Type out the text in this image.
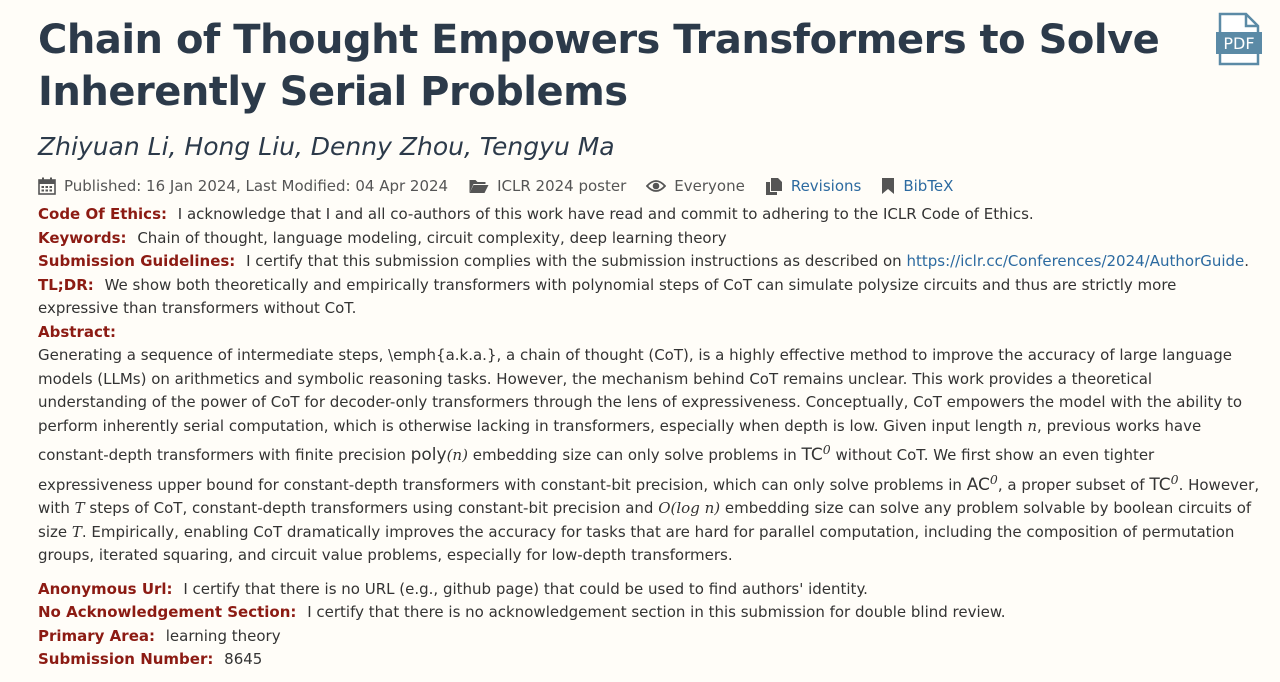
PDF
Chain of Thought Empowers Transformers to Solve Inherently Serial Problems
Zhiyuan Li, Hong Liu, Denny Zhou, Tengyu Ma
Published: 16 Jan 2024, Last Modified: 04 Apr 2024	ICLR 2024 poster	Everyone	Revisions	BibTeX
Code Of Ethics: I acknowledge that I and all co-authors of this work have read and commit to adhering to the ICLR Code of Ethics.
Keywords: Chain of thought, language modeling, circuit complexity, deep learning theory
Submission Guidelines: I certify that this submission complies with the submission instructions as described on https://iclr.cc/Conferences/2024/AuthorGuide.
TL;DR: We show both theoretically and empirically transformers with polynomial steps of CoT can simulate polysize circuits and thus are strictly more expressive than transformers without CoT.
Abstract:
Generating a sequence of intermediate steps, \emph{a.k.a.}, a chain of thought (CoT), is a highly effective method to improve the accuracy of large language models (LLMs) on arithmetics and symbolic reasoning tasks. However, the mechanism behind CoT remains unclear. This work provides a theoretical understanding of the power of CoT for decoder-only transformers through the lens of expressiveness. Conceptually, CoT empowers the model with the ability to perform inherently serial computation, which is otherwise lacking in transformers, especially when depth is low. Given input length n, previous works have constant-depth transformers with finite precision poly(n) embedding size can only solve problems in $TC^0$ without CoT. We first show an even tighter expressiveness upper bound for constant-depth transformers with constant-bit precision, which can only solve problems in $AC^0$, a proper subset of $TC^0$. However, with T steps of CoT, constant-depth transformers using constant-bit precision and O(log n) embedding size can solve any problem solvable by boolean circuits of size T. Empirically, enabling CoT dramatically improves the accuracy for tasks that are hard for parallel computation, including the composition of permutation groups, iterated squaring, and circuit value problems, especially for low-depth transformers.
Anonymous Url: I certify that there is no URL (e.g., github page) that could be used to find authors' identity.
No Acknowledgement Section: I certify that there is no acknowledgement section in this submission for double blind review.
Primary Area: learning theory
Submission Number: 8645
